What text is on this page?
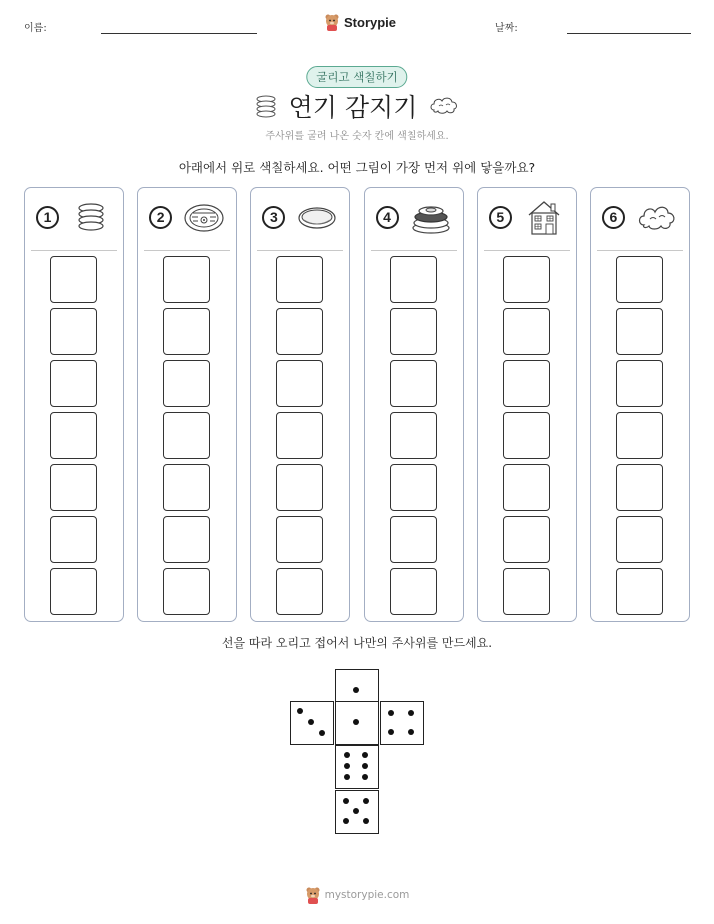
이름:	Storypie	날짜:
굴리고 색칠하기
연기 감지기
주사위를 굴려 나온 숫자 칸에 색칠하세요.
아래에서 위로 색칠하세요. 어떤 그림이 가장 먼저 위에 닿을까요?
1	2	3	4	5	6
선을 따라 오리고 접어서 나만의 주사위를 만드세요.
mystorypie.com
